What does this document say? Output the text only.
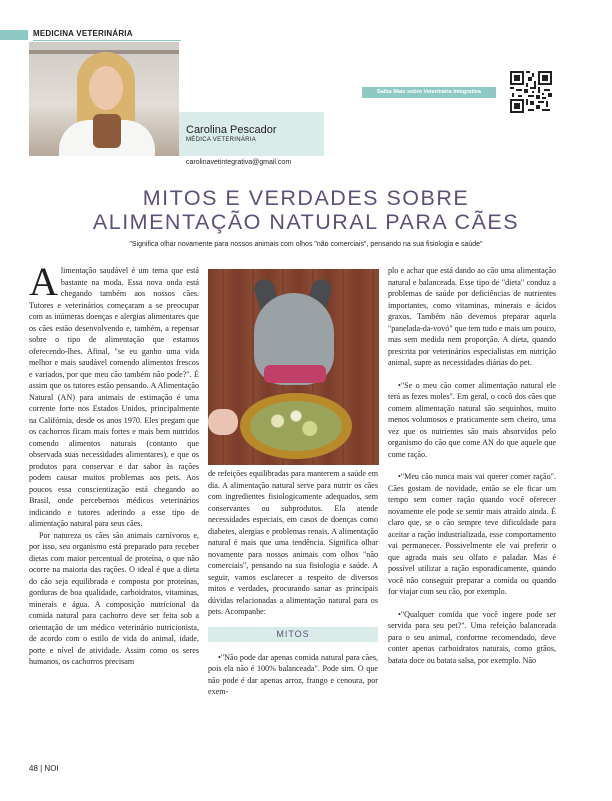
MEDICINA VETERINÁRIA
Carolina Pescador
MÉDICA VETERINÁRIA
carolinavetintegrativa@gmail.com
Saiba Mais sobre Veterinária Integrativa
MITOS E VERDADES SOBRE
ALIMENTAÇÃO NATURAL PARA CÃES
"Significa olhar novamente para nossos animais com olhos "não comerciais", pensando na sua fisiologia e saúde"

Alimentação saudável é um tema que está bastante na moda. Essa nova onda está chegando também aos nossos cães. Tutores e veterinários começaram a se preocupar com as inúmeras doenças e alergias alimentares que os cães estão desenvolvendo e, também, a repensar sobre o tipo de alimentação que estamos oferecendo-lhes. Afinal, "se eu ganho uma vida melhor e mais saudável comendo alimentos frescos e variados, por que meu cão também não pode?". É assim que os tutores estão pensando. A Alimentação Natural (AN) para animais de estimação é uma corrente forte nos Estados Unidos, principalmente na Califórnia, desde os anos 1970. Eles pregam que os cachorros ficam mais fortes e mais bem nutridos comendo alimentos naturais (contanto que observada suas necessidades alimentares), e que os produtos para conservar e dar sabor às rações podem causar muitos problemas aos pets. Aos poucos essa conscientização está chegando ao Brasil, onde percebemos médicos veterinários indicando e tutores aderindo a esse tipo de alimentação natural para seus cães.

Por natureza os cães são animais carnívoros e, por isso, seu organismo está preparado para receber dietas com maior percentual de proteína, o que não ocorre na maioria das rações. O ideal é que a dieta do cão seja equilibrada e composta por proteínas, gorduras de boa qualidade, carboidratos, vitaminas, minerais e água. A composição nutricional da comida natural para cachorro deve ser feita sob a orientação de um médico veterinário nutricionista, de acordo com o estilo de vida do animal, idade, porte e nível de atividade. Assim como os seres humanos, os cachorros precisam

de refeições equilibradas para manterem a saúde em dia. A alimentação natural serve para nutrir os cães com ingredientes fisiologicamente adequados, sem conservantes ou subprodutos. Ela atende necessidades especiais, em casos de doenças como diabetes, alergias e problemas renais. A alimentação natural é mais que uma tendência. Significa olhar novamente para nossos animais com olhos "não comerciais", pensando na sua fisiologia e saúde. A seguir, vamos esclarecer a respeito de diversos mitos e verdades, procurando sanar as principais dúvidas relacionadas a alimentação natural para os pets. Acompanhe:

MITOS

•"Não pode dar apenas comida natural para cães, pois ela não é 100% balanceada". Pode sim. O que não pode é dar apenas arroz, frango e cenoura, por exem-

plo e achar que está dando ao cão uma alimentação natural e balanceada. Esse tipo de "dieta" conduz a problemas de saúde por deficiências de nutrientes importantes, como vitaminas, minerais e ácidos graxos. Também não devemos preparar aquela "panelada-da-vovó" que tem tudo e mais um pouco, mas sem medida nem proporção. A dieta, quando prescrita por veterinários especialistas em nutrição animal, supre as necessidades diárias do pet.

•"Se o meu cão comer alimentação natural ele terá as fezes moles". Em geral, o cocô dos cães que comem alimentação natural são sequinhos, muito menos volumosos e praticamente sem cheiro, uma vez que os nutrientes são mais absorvidos pelo organismo do cão que come AN do que aquele que come ração.

•"Meu cão nunca mais vai querer comer ração". Cães gostam de novidade, então se ele ficar um tempo sem comer ração quando você oferecer novamente ele pode se sentir mais atraído ainda. É claro que, se o cão sempre teve dificuldade para aceitar a ração industrializada, esse comportamento vai permanecer. Possivelmente ele vai preferir o que agrada mais seu olfato e paladar. Mas é possível utilizar a ração esporadicamente, quando você não conseguir preparar a comida ou quando for viajar com seu cão, por exemplo.

•"Qualquer comida que você ingere pode ser servida para seu pet?". Uma refeição balanceada para o seu animal, conforme recomendado, deve conter apenas carboidratos naturais, como grãos, batata doce ou batata salsa, por exemplo. Não

48 | NOI
